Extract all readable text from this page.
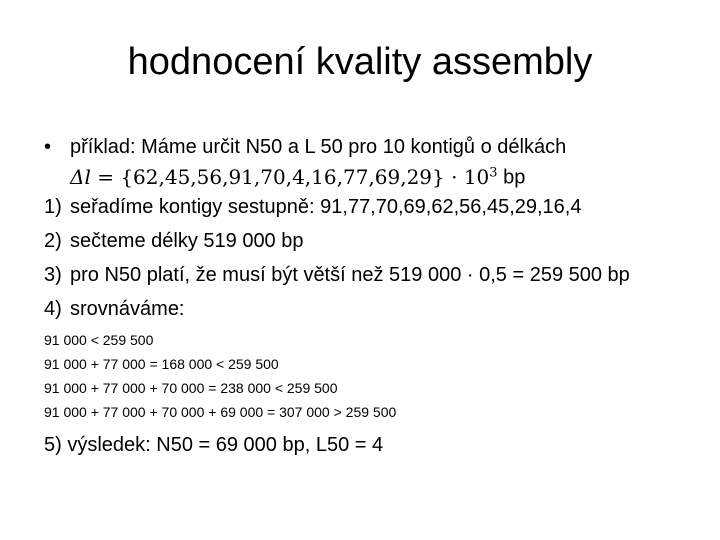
hodnocení kvality assembly
• příklad: Máme určit N50 a L 50 pro 10 kontigů o délkách
$\Delta l = \{62,45,56,91,70,4,16,77,69,29\} \cdot 10^3$ bp
1) seřadíme kontigy sestupně: 91,77,70,69,62,56,45,29,16,4
2) sečteme délky 519 000 bp
3) pro N50 platí, že musí být větší než 519 000 · 0,5 = 259 500 bp
4) srovnáváme:
91 000 < 259 500
91 000 + 77 000 = 168 000 < 259 500
91 000 + 77 000 + 70 000 = 238 000 < 259 500
91 000 + 77 000 + 70 000 + 69 000 = 307 000 > 259 500
5) výsledek: N50 = 69 000 bp, L50 = 4
